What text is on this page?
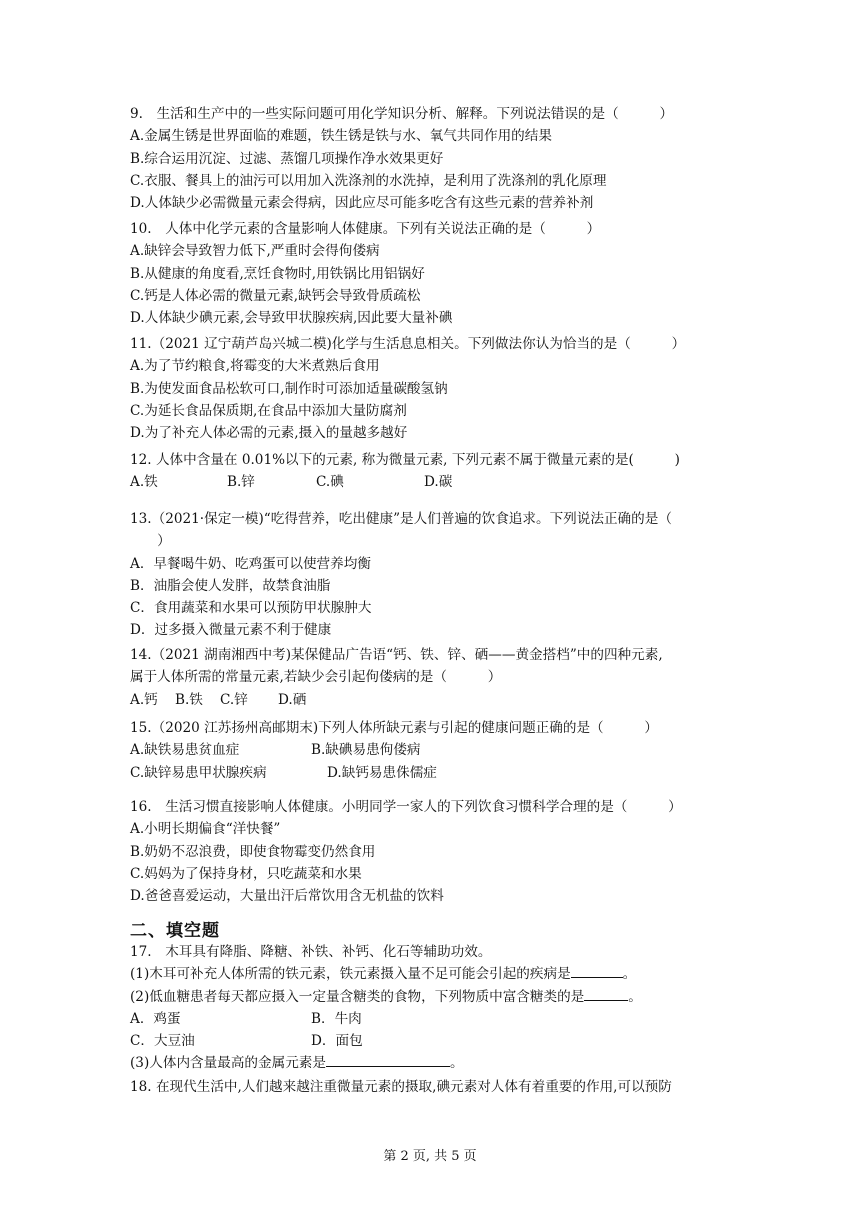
9.　生活和生产中的一些实际问题可用化学知识分析、解释。下列说法错误的是（　　　）
A.金属生锈是世界面临的难题，铁生锈是铁与水、氧气共同作用的结果
B.综合运用沉淀、过滤、蒸馏几项操作净水效果更好
C.衣服、餐具上的油污可以用加入洗涤剂的水洗掉，是利用了洗涤剂的乳化原理
D.人体缺少必需微量元素会得病，因此应尽可能多吃含有这些元素的营养补剂
10.　人体中化学元素的含量影响人体健康。下列有关说法正确的是（　　　）
A.缺锌会导致智力低下,严重时会得佝偻病
B.从健康的角度看,烹饪食物时,用铁锅比用铝锅好
C.钙是人体必需的微量元素,缺钙会导致骨质疏松
D.人体缺少碘元素,会导致甲状腺疾病,因此要大量补碘
11.（2021 辽宁葫芦岛兴城二模)化学与生活息息相关。下列做法你认为恰当的是（　　　）
A.为了节约粮食,将霉变的大米煮熟后食用
B.为使发面食品松软可口,制作时可添加适量碳酸氢钠
C.为延长食品保质期,在食品中添加大量防腐剂
D.为了补充人体必需的元素,摄入的量越多越好
12. 人体中含量在 0.01%以下的元素, 称为微量元素, 下列元素不属于微量元素的是(　　　)
A.铁	B.锌	C.碘	D.碳
13.（2021·保定一模)“吃得营养，吃出健康”是人们普遍的饮食追求。下列说法正确的是（
　　）
A．早餐喝牛奶、吃鸡蛋可以使营养均衡
B．油脂会使人发胖，故禁食油脂
C．食用蔬菜和水果可以预防甲状腺肿大
D．过多摄入微量元素不利于健康
14.（2021 湖南湘西中考)某保健品广告语“钙、铁、锌、硒——黄金搭档”中的四种元素,
属于人体所需的常量元素,若缺少会引起佝偻病的是（　　　）
A.钙	B.铁	C.锌	D.硒
15.（2020 江苏扬州高邮期末)下列人体所缺元素与引起的健康问题正确的是（　　　）
A.缺铁易患贫血症	B.缺碘易患佝偻病
C.缺锌易患甲状腺疾病	D.缺钙易患侏儒症
16.　生活习惯直接影响人体健康。小明同学一家人的下列饮食习惯科学合理的是（　　　）
A.小明长期偏食“洋快餐”
B.奶奶不忍浪费，即使食物霉变仍然食用
C.妈妈为了保持身材，只吃蔬菜和水果
D.爸爸喜爱运动，大量出汗后常饮用含无机盐的饮料
二、填空题
17.　木耳具有降脂、降糖、补铁、补钙、化石等辅助功效。
(1)木耳可补充人体所需的铁元素，铁元素摄入量不足可能会引起的疾病是	。
(2)低血糖患者每天都应摄入一定量含糖类的食物，下列物质中富含糖类的是	。
A．鸡蛋	B．牛肉
C．大豆油	D．面包
(3)人体内含量最高的金属元素是	。
18. 在现代生活中,人们越来越注重微量元素的摄取,碘元素对人体有着重要的作用,可以预防
第 2 页, 共 5 页
